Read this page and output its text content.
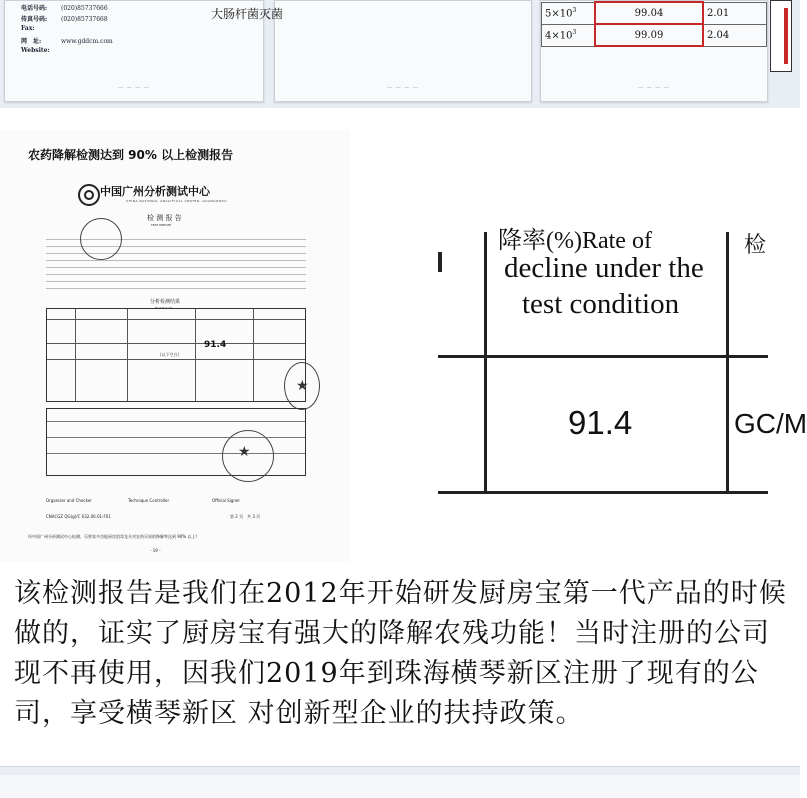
电话号码: (020)85737666
传真号码: (020)85737668
Fax:
网　址:	www.gddcm.com
Website:
— — — —
大肠杆菌灭菌
— — — —
$5\times 10^3$	99.04	2.01
$4\times 10^3$	99.09	2.04
— — — —
农药降解检测达到 90% 以上检测报告
中国广州分析测试中心
CHINA NATIONAL ANALYTICAL CENTER, GUANGZHOU
检 测 报 告
TEST REPORT
分析检测结果
Test Results
91.4
(以下空白)
★
★
Organizer and Checker	Technique Controller	Official Signer
CNACGZ QG(g)/C 032.06.01-F01	第 2 页　共 3 页
经中国广州分析测试中心检测，乐智家多功能厨房消毒龙头对农药乐果的降解率达到 90% 以上!
- 19 -
降率(%)Rate of	检
decline under the
test condition
91.4	GC/M
该检测报告是我们在2012年开始研发厨房宝第一代产品的时候做的，证实了厨房宝有强大的降解农残功能！当时注册的公司现不再使用，因我们2019年到珠海横琴新区注册了现有的公司，享受横琴新区 对创新型企业的扶持政策。
